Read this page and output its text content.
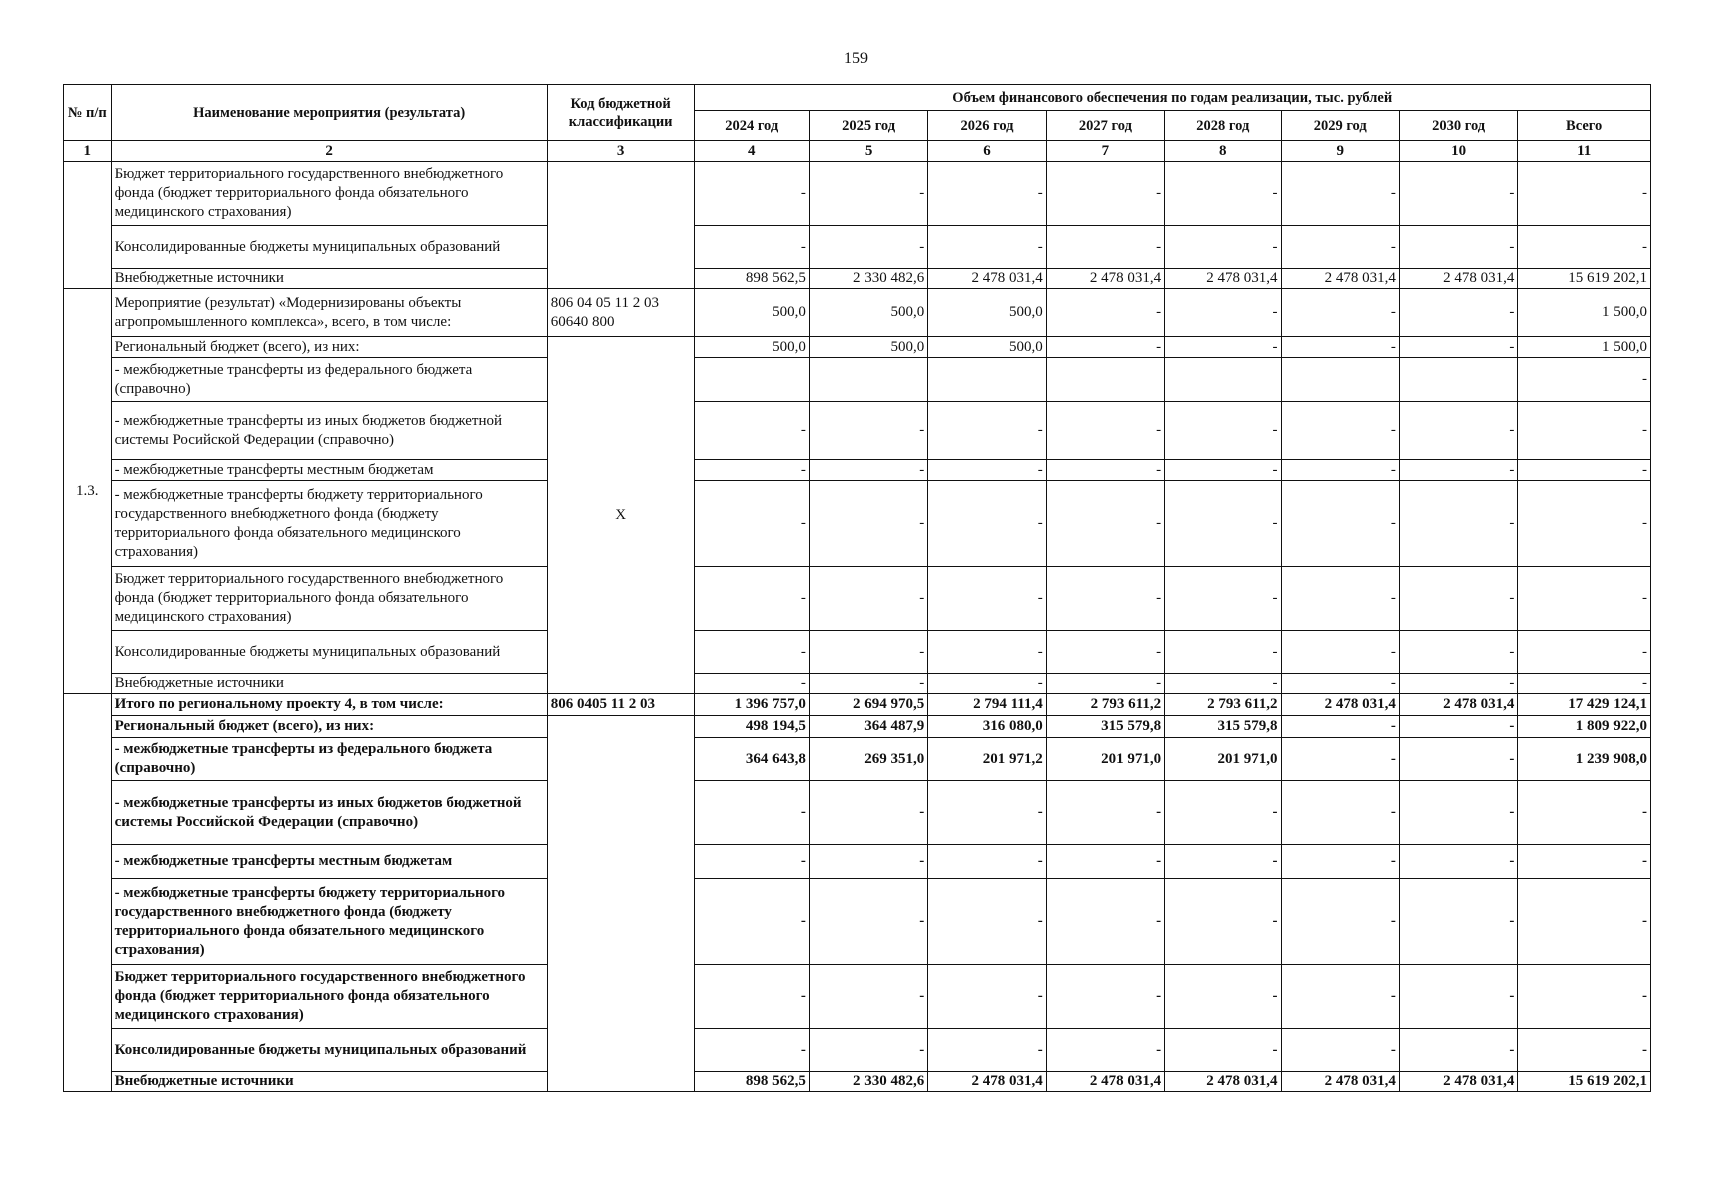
159
№ п/п	Наименование мероприятия (результата)	Код бюджетной классификации	Объем финансового обеспечения по годам реализации, тыс. рублей							
			2024 год	2025 год	2026 год	2027 год	2028 год	2029 год	2030 год	Всего
1	2	3	4	5	6	7	8	9	10	11
	Бюджет территориального государственного внебюджетного фонда (бюджет территориального фонда обязательного медицинского страхования)		-	-	-	-	-	-	-	-
	Консолидированные бюджеты муниципальных образований		-	-	-	-	-	-	-	-
	Внебюджетные источники		898 562,5	2 330 482,6	2 478 031,4	2 478 031,4	2 478 031,4	2 478 031,4	2 478 031,4	15 619 202,1
1.3.	Мероприятие (результат) «Модернизированы объекты агропромышленного комплекса», всего, в том числе:	806 04 05 11 2 03 60640 800	500,0	500,0	500,0	-	-	-	-	1 500,0
	Региональный бюджет (всего), из них:	X	500,0	500,0	500,0	-	-	-	-	1 500,0
	- межбюджетные трансферты из федерального бюджета (справочно)									-
	- межбюджетные трансферты из иных бюджетов бюджетной системы Росийской Федерации (справочно)		-	-	-	-	-	-	-	-
	- межбюджетные трансферты местным бюджетам		-	-	-	-	-	-	-	-
	- межбюджетные трансферты бюджету территориального государственного внебюджетного фонда (бюджету территориального фонда обязательного медицинского страхования)		-	-	-	-	-	-	-	-
	Бюджет территориального государственного внебюджетного фонда (бюджет территориального фонда обязательного медицинского страхования)		-	-	-	-	-	-	-	-
	Консолидированные бюджеты муниципальных образований		-	-	-	-	-	-	-	-
	Внебюджетные источники		-	-	-	-	-	-	-	-
	Итого по региональному проекту 4, в том числе:	806 0405 11 2 03	1 396 757,0	2 694 970,5	2 794 111,4	2 793 611,2	2 793 611,2	2 478 031,4	2 478 031,4	17 429 124,1
	Региональный бюджет (всего), из них:		498 194,5	364 487,9	316 080,0	315 579,8	315 579,8	-	-	1 809 922,0
	- межбюджетные трансферты из федерального бюджета (справочно)		364 643,8	269 351,0	201 971,2	201 971,0	201 971,0	-	-	1 239 908,0
	- межбюджетные трансферты из иных бюджетов бюджетной системы Российской Федерации (справочно)		-	-	-	-	-	-	-	-
	- межбюджетные трансферты местным бюджетам		-	-	-	-	-	-	-	-
	- межбюджетные трансферты бюджету территориального государственного внебюджетного фонда (бюджету территориального фонда обязательного медицинского страхования)		-	-	-	-	-	-	-	-
	Бюджет территориального государственного внебюджетного фонда (бюджет территориального фонда обязательного медицинского страхования)		-	-	-	-	-	-	-	-
	Консолидированные бюджеты муниципальных образований		-	-	-	-	-	-	-	-
	Внебюджетные источники		898 562,5	2 330 482,6	2 478 031,4	2 478 031,4	2 478 031,4	2 478 031,4	2 478 031,4	15 619 202,1
